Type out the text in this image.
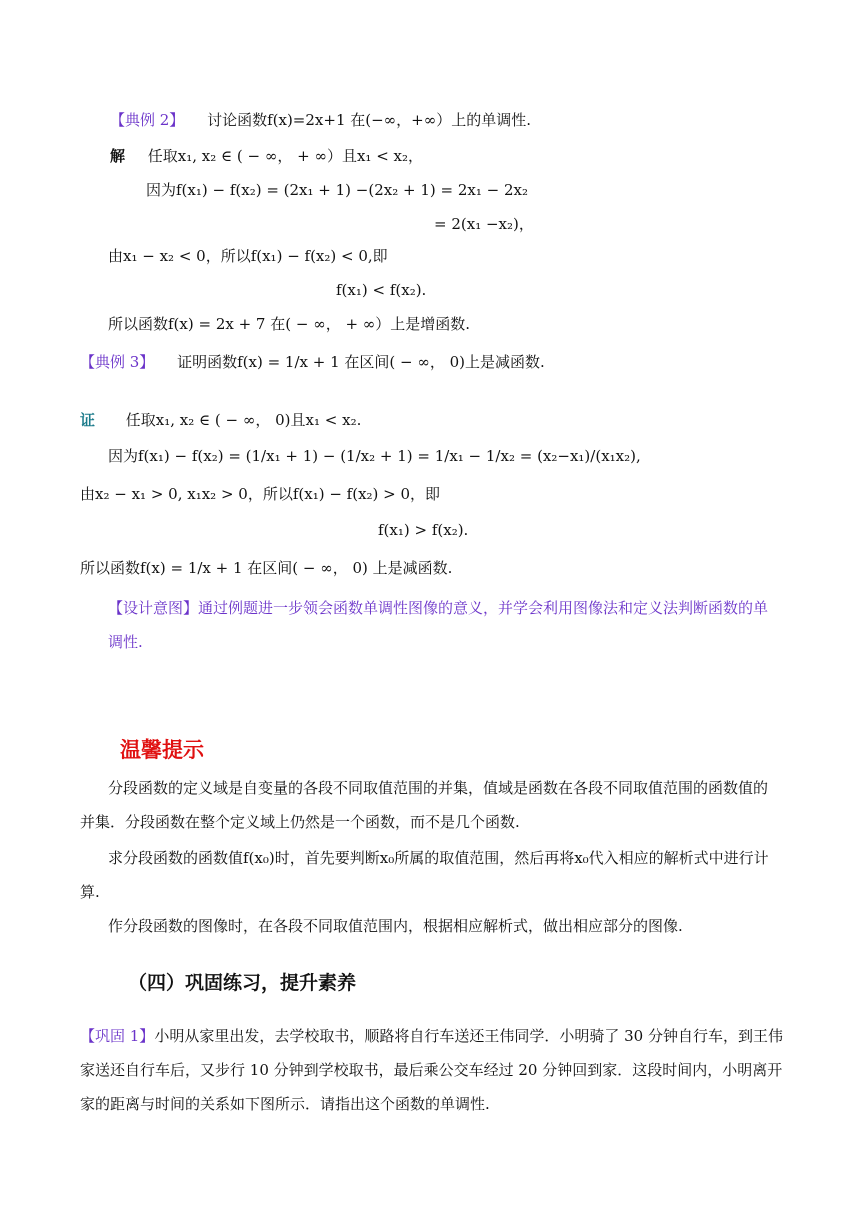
【典例 2】 讨论函数f(x)=2x+1 在(−∞，+∞）上的单调性.
解 任取x₁, x₂ ∈ ( − ∞， + ∞）且x₁ < x₂，
因为f(x₁) − f(x₂) = (2x₁ + 1) −(2x₂ + 1) = 2x₁ − 2x₂
= 2(x₁ −x₂)，
由x₁ − x₂ < 0，所以f(x₁) − f(x₂) < 0,即
f(x₁) < f(x₂).
所以函数f(x) = 2x + 7 在( − ∞， + ∞）上是增函数.
【典例 3】 证明函数f(x) = 1/x + 1 在区间( − ∞， 0)上是减函数.
证 任取x₁, x₂ ∈ ( − ∞， 0)且x₁ < x₂.
因为f(x₁) − f(x₂) = (1/x₁ + 1) − (1/x₂ + 1) = 1/x₁ − 1/x₂ = (x₂−x₁)/(x₁x₂),
由x₂ − x₁ > 0, x₁x₂ > 0，所以f(x₁) − f(x₂) > 0，即
f(x₁) > f(x₂).
所以函数f(x) = 1/x + 1 在区间( − ∞， 0) 上是减函数.
【设计意图】通过例题进一步领会函数单调性图像的意义，并学会利用图像法和定义法判断函数的单
调性.
温馨提示
分段函数的定义域是自变量的各段不同取值范围的并集，值域是函数在各段不同取值范围的函数值的
并集．分段函数在整个定义域上仍然是一个函数，而不是几个函数.
求分段函数的函数值f(x₀)时，首先要判断x₀所属的取值范围，然后再将x₀代入相应的解析式中进行计
算.
作分段函数的图像时，在各段不同取值范围内，根据相应解析式，做出相应部分的图像.
（四）巩固练习，提升素养
【巩固 1】小明从家里出发，去学校取书，顺路将自行车送还王伟同学．小明骑了 30 分钟自行车，到王伟
家送还自行车后，又步行 10 分钟到学校取书，最后乘公交车经过 20 分钟回到家．这段时间内，小明离开
家的距离与时间的关系如下图所示．请指出这个函数的单调性.
